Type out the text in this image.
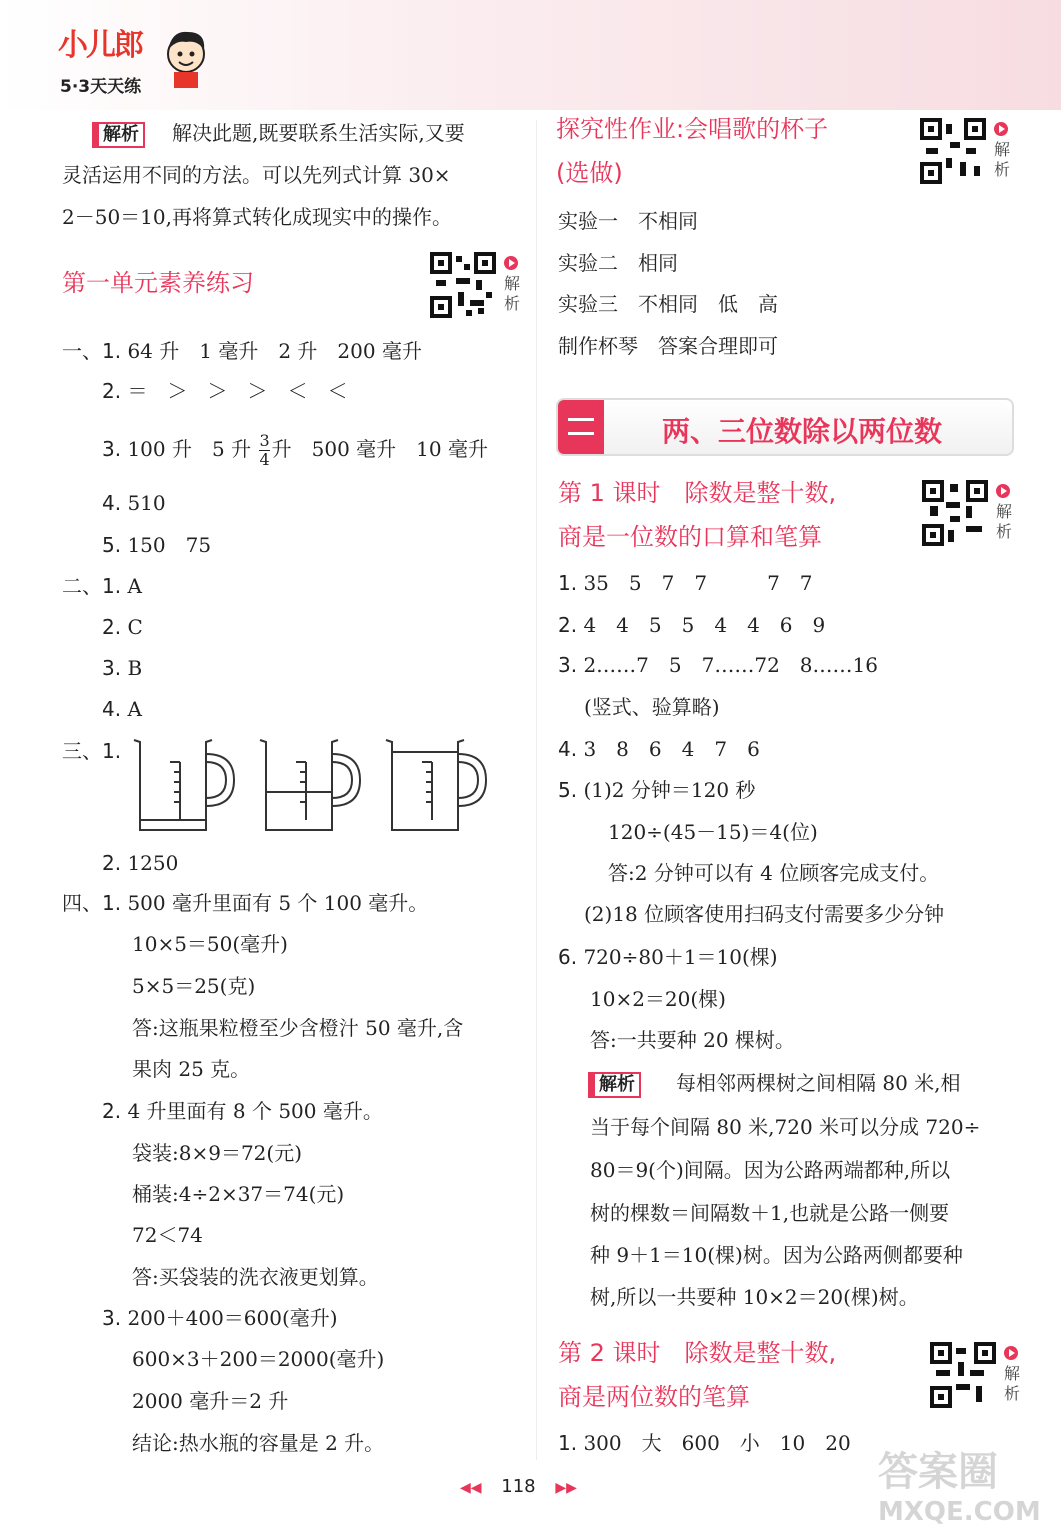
小儿郎
5·3天天练
解析	解决此题,既要联系生活实际,又要
灵活运用不同的方法。可以先列式计算 30×
2－50＝10,再将算式转化成现实中的操作。
第一单元素养练习	解析
一、1. 64 升　1 毫升　2 升　200 毫升
2. ＝　＞　＞　＞　＜　＜
3. 100 升　5 升 $\frac{3}{4}$ 升　500 毫升　10 毫升
4. 510
5. 150　75
二、1. A
2. C
3. B
4. A
三、1.
2. 1250
四、1. 500 毫升里面有 5 个 100 毫升。
10×5＝50(毫升)
5×5＝25(克)
答:这瓶果粒橙至少含橙汁 50 毫升,含
果肉 25 克。
2. 4 升里面有 8 个 500 毫升。
袋装:8×9＝72(元)
桶装:4÷2×37＝74(元)
72＜74
答:买袋装的洗衣液更划算。
3. 200＋400＝600(毫升)
600×3＋200＝2000(毫升)
2000 毫升＝2 升
结论:热水瓶的容量是 2 升。
探究性作业:会唱歌的杯子
(选做)
解析
实验一　 不相同
实验二　 相同
实验三　 不相同　低　高
制作杯琴　 答案合理即可
两、三位数除以两位数
第 1 课时　除数是整十数,
商是一位数的口算和笔算
解析
1. 35　5　7　7　　　7　7
2. 4　4　5　5　4　4　6　9
3. 2……7　5　7……72　8……16
(竖式、验算略)
4. 3　8　6　4　7　6
5. (1)2 分钟＝120 秒
　120÷(45－15)＝4(位)
　答:2 分钟可以有 4 位顾客完成支付。
(2)18 位顾客使用扫码支付需要多少分钟
6. 720÷80＋1＝10(棵)
10×2＝20(棵)
答:一共要种 20 棵树。
解析	每相邻两棵树之间相隔 80 米,相
当于每个间隔 80 米,720 米可以分成 720÷
80＝9(个)间隔。因为公路两端都种,所以
树的棵数＝间隔数＋1,也就是公路一侧要
种 9＋1＝10(棵)树。因为公路两侧都要种
树,所以一共要种 10×2＝20(棵)树。
第 2 课时　除数是整十数,
商是两位数的笔算
解析
1. 300　大　600　小　10　20
◀◀ 118 ▶▶	答案圈
MXQE.COM
